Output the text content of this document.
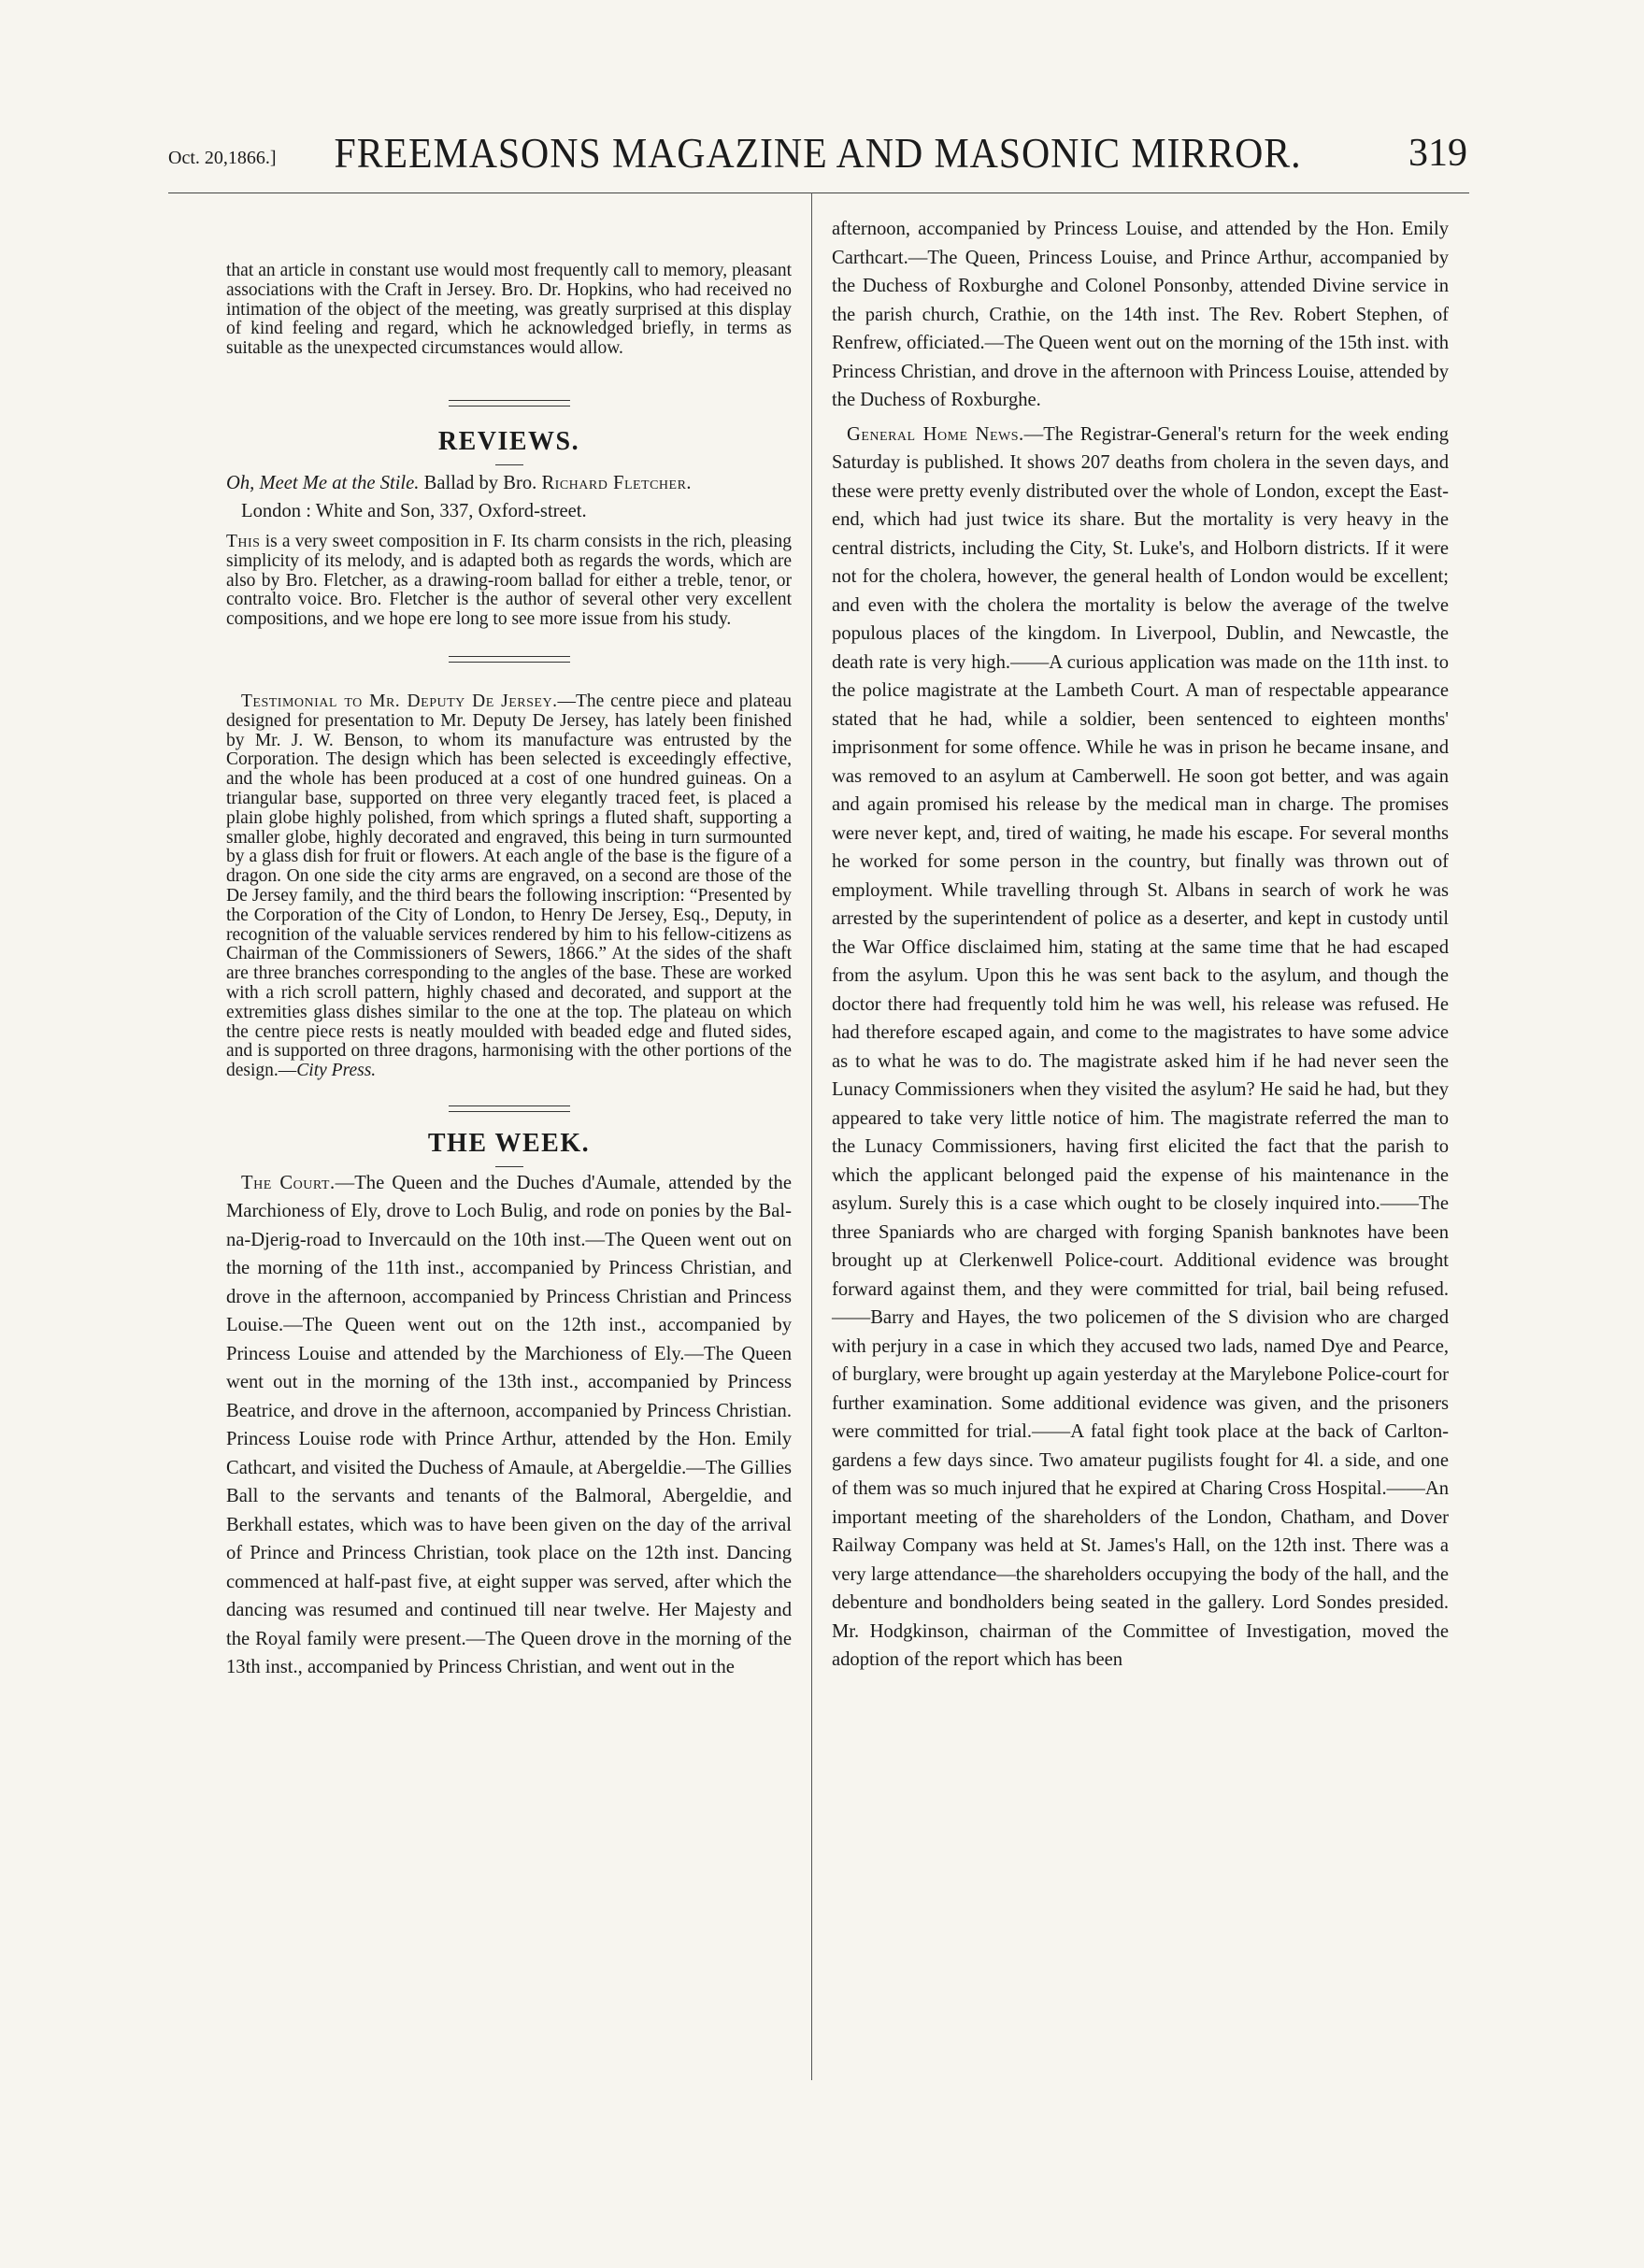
Oct. 20,1866.]	FREEMASONS MAGAZINE AND MASONIC MIRROR.	319

that an article in constant use would most frequently call to memory, pleasant associations with the Craft in Jersey. Bro. Dr. Hopkins, who had received no intimation of the object of the meeting, was greatly surprised at this display of kind feeling and regard, which he acknowledged briefly, in terms as suitable as the unexpected circumstances would allow.

REVIEWS.
Oh, Meet Me at the Stile. Ballad by Bro. Richard Fletcher.
London : White and Son, 337, Oxford-street.

This is a very sweet composition in F. Its charm consists in the rich, pleasing simplicity of its melody, and is adapted both as regards the words, which are also by Bro. Fletcher, as a drawing-room ballad for either a treble, tenor, or contralto voice. Bro. Fletcher is the author of several other very excellent compositions, and we hope ere long to see more issue from his study.

Testimonial to Mr. Deputy De Jersey.—The centre piece and plateau designed for presentation to Mr. Deputy De Jersey, has lately been finished by Mr. J. W. Benson, to whom its manufacture was entrusted by the Corporation. The design which has been selected is exceedingly effective, and the whole has been produced at a cost of one hundred guineas. On a triangular base, supported on three very elegantly traced feet, is placed a plain globe highly polished, from which springs a fluted shaft, supporting a smaller globe, highly decorated and engraved, this being in turn surmounted by a glass dish for fruit or flowers. At each angle of the base is the figure of a dragon. On one side the city arms are engraved, on a second are those of the De Jersey family, and the third bears the following inscription: “Presented by the Corporation of the City of London, to Henry De Jersey, Esq., Deputy, in recognition of the valuable services rendered by him to his fellow-citizens as Chairman of the Commissioners of Sewers, 1866.” At the sides of the shaft are three branches corresponding to the angles of the base. These are worked with a rich scroll pattern, highly chased and decorated, and support at the extremities glass dishes similar to the one at the top. The plateau on which the centre piece rests is neatly moulded with beaded edge and fluted sides, and is supported on three dragons, harmonising with the other portions of the design.—City Press.

THE WEEK.

The Court.—The Queen and the Duches d'Aumale, attended by the Marchioness of Ely, drove to Loch Bulig, and rode on ponies by the Bal-na-Djerig-road to Invercauld on the 10th inst.—The Queen went out on the morning of the 11th inst., accompanied by Princess Christian, and drove in the afternoon, accompanied by Princess Christian and Princess Louise.—The Queen went out on the 12th inst., accompanied by Princess Louise and attended by the Marchioness of Ely.—The Queen went out in the morning of the 13th inst., accompanied by Princess Beatrice, and drove in the afternoon, accompanied by Princess Christian. Princess Louise rode with Prince Arthur, attended by the Hon. Emily Cathcart, and visited the Duchess of Amaule, at Abergeldie.—The Gillies Ball to the servants and tenants of the Balmoral, Abergeldie, and Berkhall estates, which was to have been given on the day of the arrival of Prince and Princess Christian, took place on the 12th inst. Dancing commenced at half-past five, at eight supper was served, after which the dancing was resumed and continued till near twelve. Her Majesty and the Royal family were present.—The Queen drove in the morning of the 13th inst., accompanied by Princess Christian, and went out in the

afternoon, accompanied by Princess Louise, and attended by the Hon. Emily Carthcart.—The Queen, Princess Louise, and Prince Arthur, accompanied by the Duchess of Roxburghe and Colonel Ponsonby, attended Divine service in the parish church, Crathie, on the 14th inst. The Rev. Robert Stephen, of Renfrew, officiated.—The Queen went out on the morning of the 15th inst. with Princess Christian, and drove in the afternoon with Princess Louise, attended by the Duchess of Roxburghe.

General Home News.—The Registrar-General's return for the week ending Saturday is published. It shows 207 deaths from cholera in the seven days, and these were pretty evenly distributed over the whole of London, except the East-end, which had just twice its share. But the mortality is very heavy in the central districts, including the City, St. Luke's, and Holborn districts. If it were not for the cholera, however, the general health of London would be excellent; and even with the cholera the mortality is below the average of the twelve populous places of the kingdom. In Liverpool, Dublin, and Newcastle, the death rate is very high.——A curious application was made on the 11th inst. to the police magistrate at the Lambeth Court. A man of respectable appearance stated that he had, while a soldier, been sentenced to eighteen months' imprisonment for some offence. While he was in prison he became insane, and was removed to an asylum at Camberwell. He soon got better, and was again and again promised his release by the medical man in charge. The promises were never kept, and, tired of waiting, he made his escape. For several months he worked for some person in the country, but finally was thrown out of employment. While travelling through St. Albans in search of work he was arrested by the superintendent of police as a deserter, and kept in custody until the War Office disclaimed him, stating at the same time that he had escaped from the asylum. Upon this he was sent back to the asylum, and though the doctor there had frequently told him he was well, his release was refused. He had therefore escaped again, and come to the magistrates to have some advice as to what he was to do. The magistrate asked him if he had never seen the Lunacy Commissioners when they visited the asylum? He said he had, but they appeared to take very little notice of him. The magistrate referred the man to the Lunacy Commissioners, having first elicited the fact that the parish to which the applicant belonged paid the expense of his maintenance in the asylum. Surely this is a case which ought to be closely inquired into.——The three Spaniards who are charged with forging Spanish banknotes have been brought up at Clerkenwell Police-court. Additional evidence was brought forward against them, and they were committed for trial, bail being refused.——Barry and Hayes, the two policemen of the S division who are charged with perjury in a case in which they accused two lads, named Dye and Pearce, of burglary, were brought up again yesterday at the Marylebone Police-court for further examination. Some additional evidence was given, and the prisoners were committed for trial.——A fatal fight took place at the back of Carlton-gardens a few days since. Two amateur pugilists fought for 4l. a side, and one of them was so much injured that he expired at Charing Cross Hospital.——An important meeting of the shareholders of the London, Chatham, and Dover Railway Company was held at St. James's Hall, on the 12th inst. There was a very large attendance—the shareholders occupying the body of the hall, and the debenture and bondholders being seated in the gallery. Lord Sondes presided. Mr. Hodgkinson, chairman of the Committee of Investigation, moved the adoption of the report which has been
